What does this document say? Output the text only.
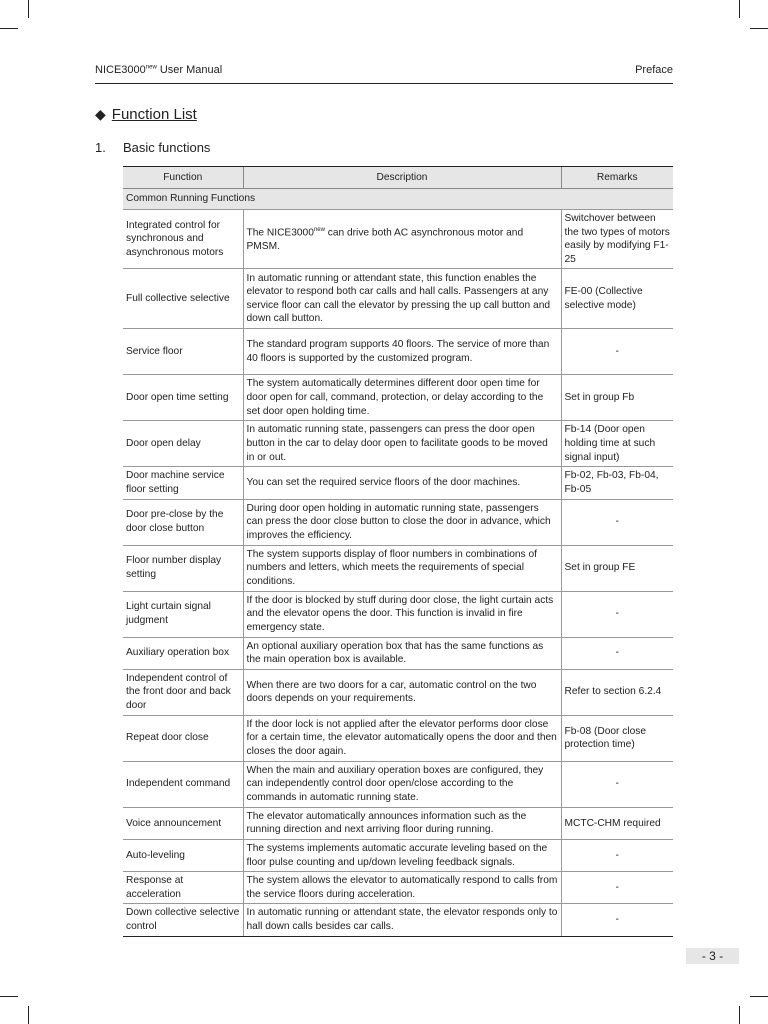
$NICE3000^{new}$ User Manual	Preface
◆ Function List
1. Basic functions
Function	Description	Remarks
Common Running Functions		
Integrated control for synchronous and asynchronous motors	The $NICE3000^{new}$ can drive both AC asynchronous motor and PMSM.	Switchover between the two types of motors easily by modifying F1-25
Full collective selective	In automatic running or attendant state, this function enables the elevator to respond both car calls and hall calls. Passengers at any service floor can call the elevator by pressing the up call button and down call button.	FE-00 (Collective selective mode)
Service floor	The standard program supports 40 floors. The service of more than 40 floors is supported by the customized program.	-
Door open time setting	The system automatically determines different door open time for door open for call, command, protection, or delay according to the set door open holding time.	Set in group Fb
Door open delay	In automatic running state, passengers can press the door open button in the car to delay door open to facilitate goods to be moved in or out.	Fb-14 (Door open holding time at such signal input)
Door machine service floor setting	You can set the required service floors of the door machines.	Fb-02, Fb-03, Fb-04, Fb-05
Door pre-close by the door close button	During door open holding in automatic running state, passengers can press the door close button to close the door in advance, which improves the efficiency.	-
Floor number display setting	The system supports display of floor numbers in combinations of numbers and letters, which meets the requirements of special conditions.	Set in group FE
Light curtain signal judgment	If the door is blocked by stuff during door close, the light curtain acts and the elevator opens the door. This function is invalid in fire emergency state.	-
Auxiliary operation box	An optional auxiliary operation box that has the same functions as the main operation box is available.	-
Independent control of the front door and back door	When there are two doors for a car, automatic control on the two doors depends on your requirements.	Refer to section 6.2.4
Repeat door close	If the door lock is not applied after the elevator performs door close for a certain time, the elevator automatically opens the door and then closes the door again.	Fb-08 (Door close protection time)
Independent command	When the main and auxiliary operation boxes are configured, they can independently control door open/close according to the commands in automatic running state.	-
Voice announcement	The elevator automatically announces information such as the running direction and next arriving floor during running.	MCTC-CHM required
Auto-leveling	The systems implements automatic accurate leveling based on the floor pulse counting and up/down leveling feedback signals.	-
Response at acceleration	The system allows the elevator to automatically respond to calls from the service floors during acceleration.	-
Down collective selective control	In automatic running or attendant state, the elevator responds only to hall down calls besides car calls.	-
- 3 -
